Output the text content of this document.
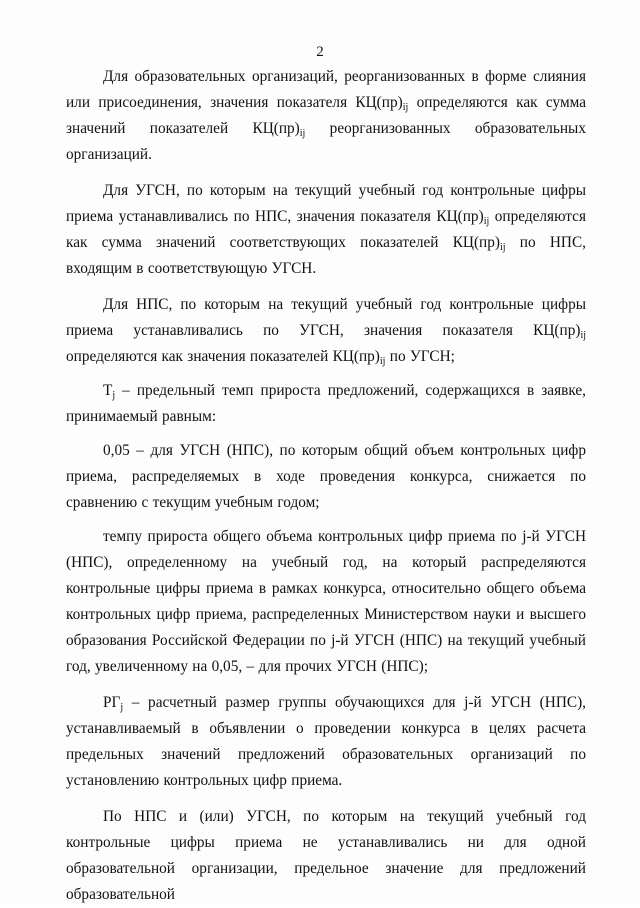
2

Для образовательных организаций, реорганизованных в форме слияния или присоединения, значения показателя $КЦ(пр)_{ij}$ определяются как сумма значений показателей $КЦ(пр)_{ij}$ реорганизованных образовательных организаций.

Для УГСН, по которым на текущий учебный год контрольные цифры приема устанавливались по НПС, значения показателя $КЦ(пр)_{ij}$ определяются как сумма значений соответствующих показателей $КЦ(пр)_{ij}$ по НПС, входящим в соответствующую УГСН.

Для НПС, по которым на текущий учебный год контрольные цифры приема устанавливались по УГСН, значения показателя $КЦ(пр)_{ij}$ определяются как значения показателей $КЦ(пр)_{ij}$ по УГСН;

$T_j$ – предельный темп прироста предложений, содержащихся в заявке, принимаемый равным:

0,05 – для УГСН (НПС), по которым общий объем контрольных цифр приема, распределяемых в ходе проведения конкурса, снижается по сравнению с текущим учебным годом;

темпу прироста общего объема контрольных цифр приема по j-й УГСН (НПС), определенному на учебный год, на который распределяются контрольные цифры приема в рамках конкурса, относительно общего объема контрольных цифр приема, распределенных Министерством науки и высшего образования Российской Федерации по j-й УГСН (НПС) на текущий учебный год, увеличенному на 0,05, – для прочих УГСН (НПС);

$РГ_j$ – расчетный размер группы обучающихся для j-й УГСН (НПС), устанавливаемый в объявлении о проведении конкурса в целях расчета предельных значений предложений образовательных организаций по установлению контрольных цифр приема.

По НПС и (или) УГСН, по которым на текущий учебный год контрольные цифры приема не устанавливались ни для одной образовательной организации, предельное значение для предложений образовательной
